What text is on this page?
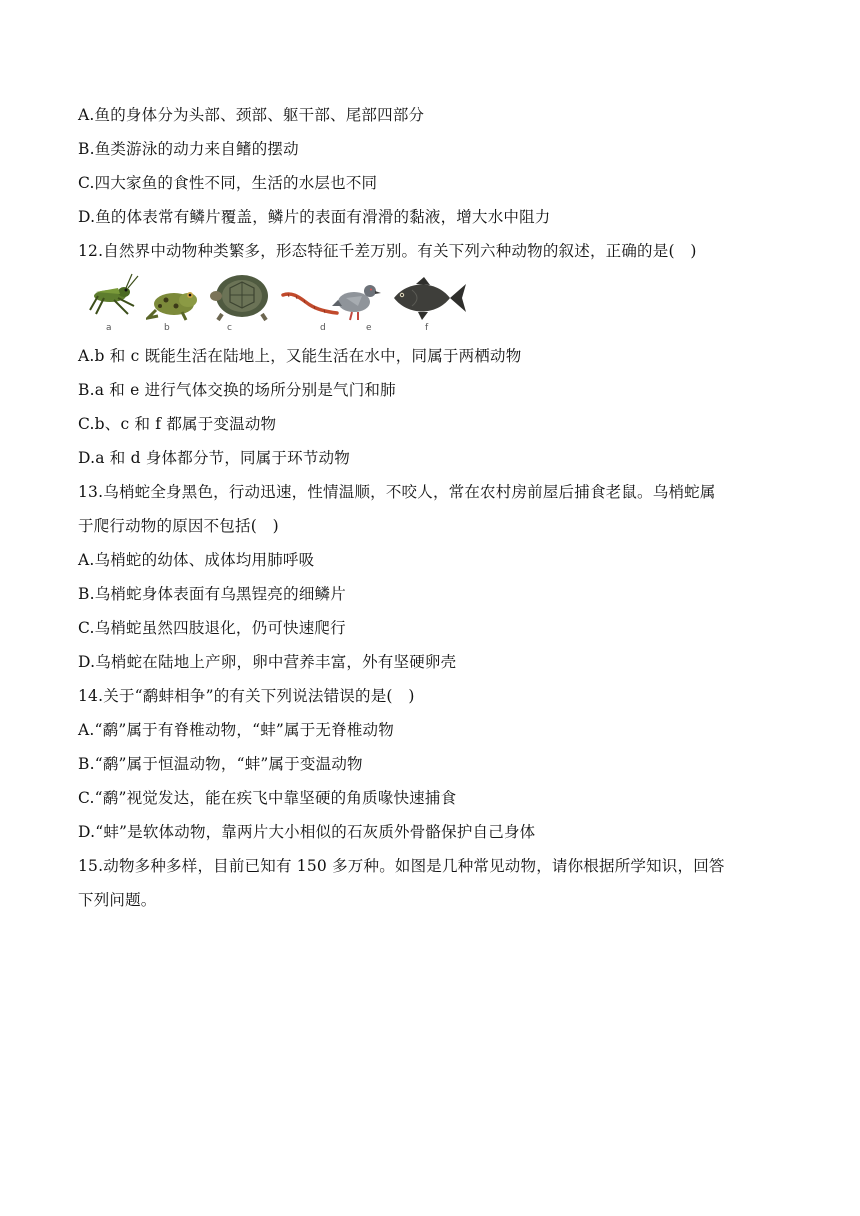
A.鱼的身体分为头部、颈部、躯干部、尾部四部分
B.鱼类游泳的动力来自鳍的摆动
C.四大家鱼的食性不同，生活的水层也不同
D.鱼的体表常有鳞片覆盖，鳞片的表面有滑滑的黏液，增大水中阻力
12.自然界中动物种类繁多，形态特征千差万别。有关下列六种动物的叙述，正确的是(　)
a	b	c	d	e	f
A.b 和 c 既能生活在陆地上，又能生活在水中，同属于两栖动物
B.a 和 e 进行气体交换的场所分别是气门和肺
C.b、c 和 f 都属于变温动物
D.a 和 d 身体都分节，同属于环节动物
13.乌梢蛇全身黑色，行动迅速，性情温顺，不咬人，常在农村房前屋后捕食老鼠。乌梢蛇属
于爬行动物的原因不包括(　)
A.乌梢蛇的幼体、成体均用肺呼吸
B.乌梢蛇身体表面有乌黑锃亮的细鳞片
C.乌梢蛇虽然四肢退化，仍可快速爬行
D.乌梢蛇在陆地上产卵，卵中营养丰富，外有坚硬卵壳
14.关于“鹬蚌相争”的有关下列说法错误的是(　)
A.“鹬”属于有脊椎动物，“蚌”属于无脊椎动物
B.“鹬”属于恒温动物，“蚌”属于变温动物
C.“鹬”视觉发达，能在疾飞中靠坚硬的角质喙快速捕食
D.“蚌”是软体动物，靠两片大小相似的石灰质外骨骼保护自己身体
15.动物多种多样，目前已知有 150 多万种。如图是几种常见动物，请你根据所学知识，回答
下列问题。
